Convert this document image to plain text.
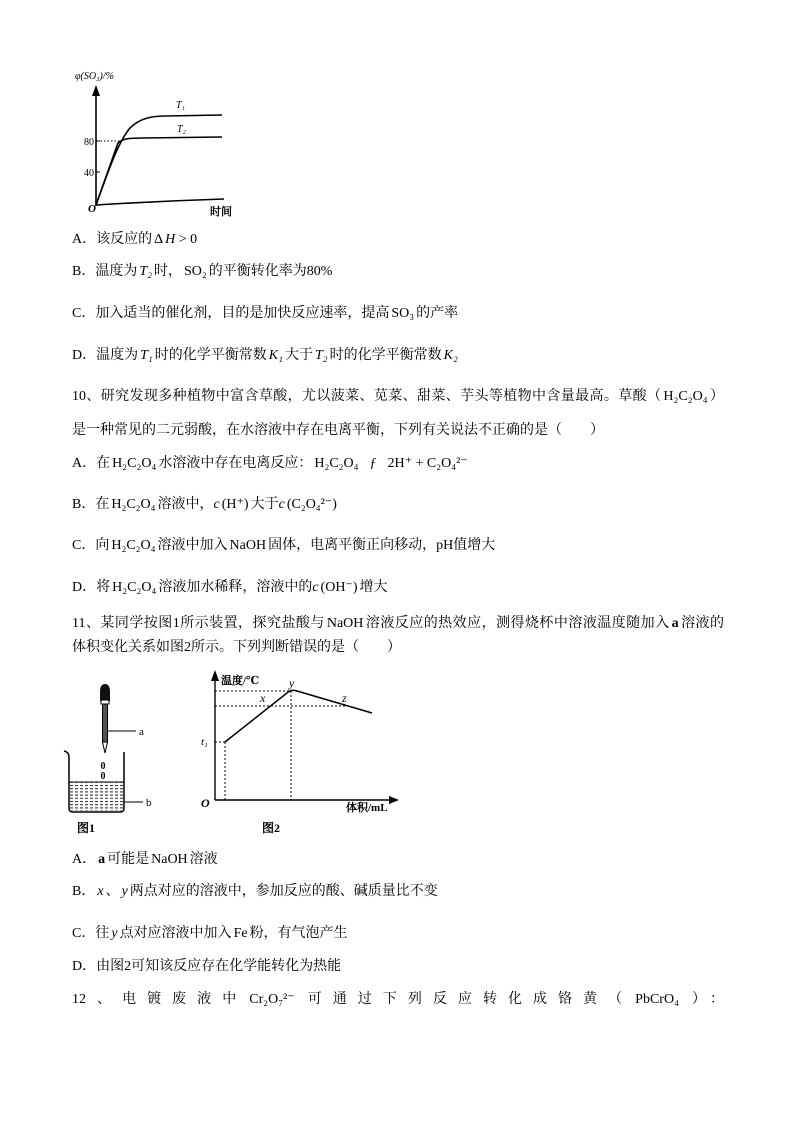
φ(SO₃)/%
80
40
O	时间
T₁
T₂
A．该反应的 Δ H > 0
B．温度为 T₂ 时， SO₂ 的平衡转化率为80%
C．加入适当的催化剂，目的是加快反应速率，提高 SO₃ 的产率
D．温度为 T₁ 时的化学平衡常数 K₁ 大于 T₂ 时的化学平衡常数 K₂
10、研究发现多种植物中富含草酸，尤以菠菜、苋菜、甜菜、芋头等植物中含量最高。草酸（ H₂C₂O₄ ）
是一种常见的二元弱酸，在水溶液中存在电离平衡，下列有关说法不正确的是（　　）
A．在 H₂C₂O₄ 水溶液中存在电离反应： H₂C₂O₄ ƒ 2H⁺ + C₂O₄²⁻
B．在 H₂C₂O₄ 溶液中，c (H⁺) 大于c (C₂O₄²⁻)
C．向 H₂C₂O₄ 溶液中加入 NaOH 固体，电离平衡正向移动，pH值增大
D．将 H₂C₂O₄ 溶液加水稀释，溶液中的c (OH⁻) 增大
11、某同学按图1所示装置，探究盐酸与 NaOH 溶液反应的热效应，测得烧杯中溶液温度随加入 a 溶液的
体积变化关系如图2所示。下列判断错误的是（　　）
a
0
0
b
图1
温度/℃
t₁
O	体积/mL
x
y
z
图2
A． a 可能是 NaOH 溶液
B． x 、 y 两点对应的溶液中，参加反应的酸、碱质量比不变
C．往 y 点对应溶液中加入 Fe 粉，有气泡产生
D．由图2可知该反应存在化学能转化为热能
12、电镀废液中 Cr₂O₇²⁻ 可通过下列反应转化成铬黄（ PbCrO₄ ）：
